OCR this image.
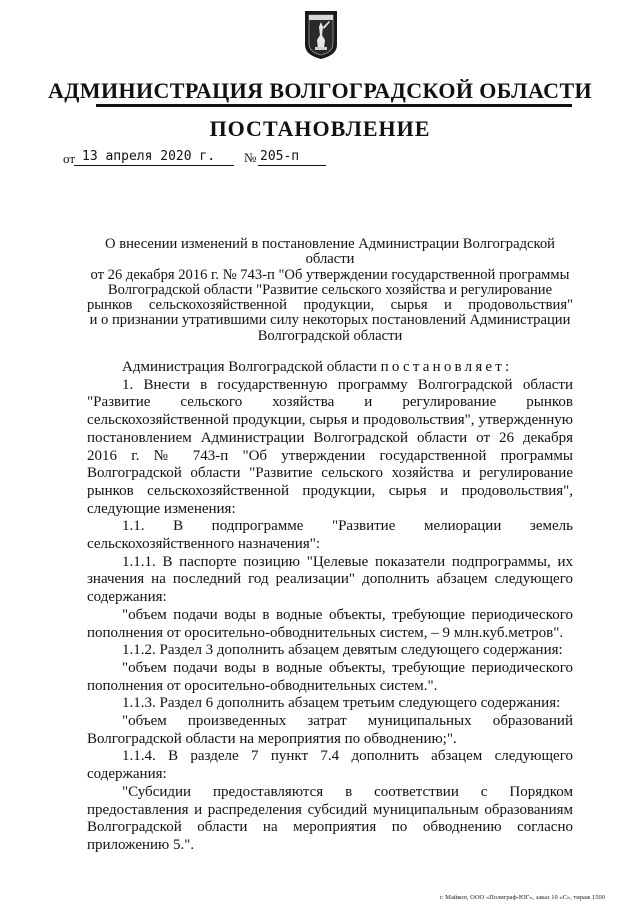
АДМИНИСТРАЦИЯ ВОЛГОГРАДСКОЙ ОБЛАСТИ
ПОСТАНОВЛЕНИЕ
от 13 апреля 2020 г.	№ 205-п
О внесении изменений в постановление Администрации Волгоградской области
от 26 декабря 2016 г. № 743-п "Об утверждении государственной программы
Волгоградской области "Развитие сельского хозяйства и регулирование
рынков сельскохозяйственной продукции, сырья и продовольствия"
и о признании утратившими силу некоторых постановлений Администрации
Волгоградской области

Администрация Волгоградской области постановляет:

1. Внести в государственную программу Волгоградской области "Развитие сельского хозяйства и регулирование рынков сельскохозяйственной продукции, сырья и продовольствия", утвержденную постановлением Администрации Волгоградской области от 26 декабря 2016 г. № 743-п "Об утверждении государственной программы Волгоградской области "Развитие сельского хозяйства и регулирование рынков сельскохозяйственной продукции, сырья и продовольствия", следующие изменения:

1.1. В подпрограмме "Развитие мелиорации земель сельскохозяйственного назначения":

1.1.1. В паспорте позицию "Целевые показатели подпрограммы, их значения на последний год реализации" дополнить абзацем следующего содержания:

"объем подачи воды в водные объекты, требующие периодического пополнения от оросительно-обводнительных систем, – 9 млн.куб.метров".

1.1.2. Раздел 3 дополнить абзацем девятым следующего содержания:

"объем подачи воды в водные объекты, требующие периодического пополнения от оросительно-обводнительных систем.".

1.1.3. Раздел 6 дополнить абзацем третьим следующего содержания:

"объем произведенных затрат муниципальных образований Волгоградской области на мероприятия по обводнению;".

1.1.4. В разделе 7 пункт 7.4 дополнить абзацем следующего содержания:

"Субсидии предоставляются в соответствии с Порядком предоставления и распределения субсидий муниципальным образованиям Волгоградской области на мероприятия по обводнению согласно приложению 5.".

г. Майкоп, ООО «Полиграф-ЮГ», заказ 10 «С», тираж 1500
